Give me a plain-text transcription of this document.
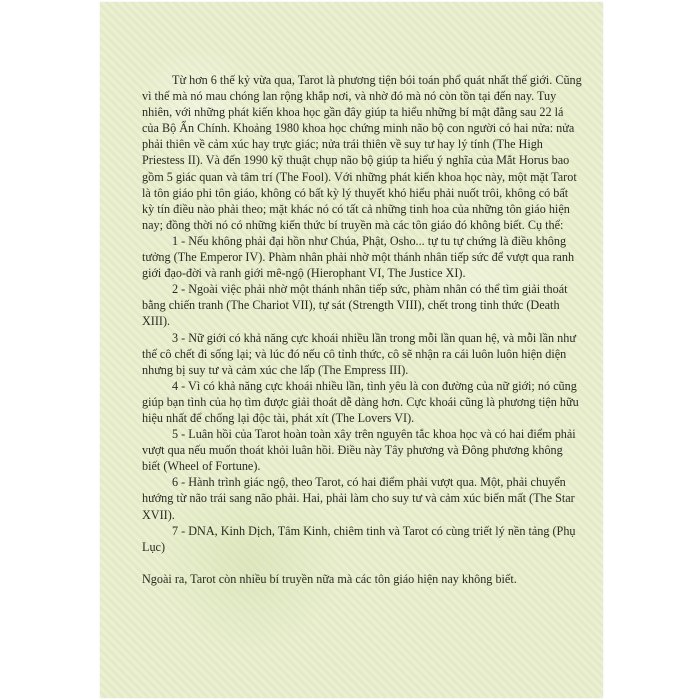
Từ hơn 6 thế kỷ vừa qua, Tarot là phương tiện bói toán phổ quát nhất thế giới. Cũng vì thế mà nó mau chóng lan rộng khắp nơi, và nhờ đó mà nó còn tồn tại đến nay. Tuy nhiên, với những phát kiến khoa học gần đây giúp ta hiểu những bí mật đằng sau 22 lá của Bộ Ẩn Chính. Khoảng 1980 khoa học chứng minh não bộ con người có hai nửa: nửa phải thiên về cảm xúc hay trực giác; nửa trái thiên về suy tư hay lý tính (The High Priestess II). Và đến 1990 kỹ thuật chụp não bộ giúp ta hiểu ý nghĩa của Mắt Horus bao gồm 5 giác quan và tâm trí (The Fool). Với những phát kiến khoa học này, một mặt Tarot là tôn giáo phi tôn giáo, không có bất kỳ lý thuyết khó hiểu phải nuốt trôi, không có bất kỳ tín điều nào phải theo; mặt khác nó có tất cả những tinh hoa của những tôn giáo hiện nay; đồng thời nó có những kiến thức bí truyền mà các tôn giáo đó không biết. Cụ thể:

1 - Nếu không phải đại hồn như Chúa, Phật, Osho... tự tu tự chứng là điều không tưởng (The Emperor IV). Phàm nhân phải nhờ một thánh nhân tiếp sức để vượt qua ranh giới đạo-đời và ranh giới mê-ngộ (Hierophant VI, The Justice XI).

2 - Ngoài việc phải nhờ một thánh nhân tiếp sức, phàm nhân có thể tìm giải thoát bằng chiến tranh (The Chariot VII), tự sát (Strength VIII), chết trong tỉnh thức (Death XIII).

3 - Nữ giới có khả năng cực khoái nhiều lần trong mỗi lần quan hệ, và mỗi lần như thế cô chết đi sống lại; và lúc đó nếu cô tỉnh thức, cô sẽ nhận ra cái luôn luôn hiện diện nhưng bị suy tư và cảm xúc che lấp (The Empress III).

4 - Vì có khả năng cực khoái nhiều lần, tình yêu là con đường của nữ giới; nó cũng giúp bạn tình của họ tìm được giải thoát dễ dàng hơn. Cực khoái cũng là phương tiện hữu hiệu nhất để chống lại độc tài, phát xít (The Lovers VI).

5 - Luân hồi của Tarot hoàn toàn xây trên nguyên tắc khoa học và có hai điểm phải vượt qua nếu muốn thoát khỏi luân hồi. Điều này Tây phương và Đông phương không biết (Wheel of Fortune).

6 - Hành trình giác ngộ, theo Tarot, có hai điểm phải vượt qua. Một, phải chuyển hướng từ não trái sang não phải. Hai, phải làm cho suy tư và cảm xúc biến mất (The Star XVII).

7 - DNA, Kinh Dịch, Tâm Kinh, chiêm tinh và Tarot có cùng triết lý nền tảng (Phụ Lục)

Ngoài ra, Tarot còn nhiều bí truyền nữa mà các tôn giáo hiện nay không biết.
